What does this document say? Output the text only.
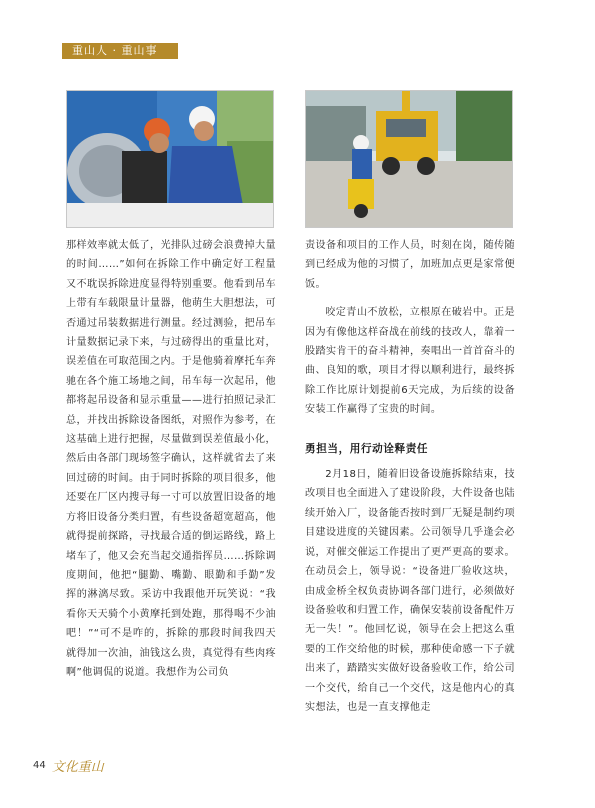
重山人 · 重山事

那样效率就太低了，光排队过磅会浪费掉大量的时间……”如何在拆除工作中确定好工程量又不耽误拆除进度显得特别重要。他看到吊车上带有车载限量计量器，他萌生大胆想法，可否通过吊装数据进行测量。经过测验，把吊车计量数据记录下来，与过磅得出的重量比对，误差值在可取范围之内。于是他骑着摩托车奔驰在各个施工场地之间，吊车每一次起吊，他都将起吊设备和显示重量——进行拍照记录汇总，并找出拆除设备图纸，对照作为参考，在这基础上进行把握，尽量做到误差值最小化，然后由各部门现场签字确认，这样就省去了来回过磅的时间。由于同时拆除的项目很多，他还要在厂区内搜寻每一寸可以放置旧设备的地方将旧设备分类归置，有些设备超宽超高，他就得提前探路，寻找最合适的倒运路线，路上堵车了，他又会充当起交通指挥员……拆除调度期间，他把“腿勤、嘴勤、眼勤和手勤”发挥的淋漓尽致。采访中我跟他开玩笑说：“我看你天天骑个小黄摩托到处跑，那得喝不少油吧！”“可不是咋的，拆除的那段时间我四天就得加一次油，油钱这么贵，真觉得有些肉疼啊”他调侃的说道。我想作为公司负

责设备和项目的工作人员，时刻在岗，随传随到已经成为他的习惯了，加班加点更是家常便饭。

咬定青山不放松，立根原在破岩中。正是因为有像他这样奋战在前线的技改人，靠着一股踏实肯干的奋斗精神，奏唱出一首首奋斗的曲、良知的歌，项目才得以顺利进行，最终拆除工作比原计划提前6天完成，为后续的设备安装工作赢得了宝贵的时间。

勇担当，用行动诠释责任

2月18日，随着旧设备设施拆除结束，技改项目也全面进入了建设阶段，大件设备也陆续开始入厂，设备能否按时到厂无疑是制约项目建设进度的关键因素。公司领导几乎逢会必说，对催交催运工作提出了更严更高的要求。在动员会上，领导说：“设备进厂验收这块，由成金桥全权负责协调各部门进行，必须做好设备验收和归置工作，确保安装前设备配件万无一失！”。他回忆说，领导在会上把这么重要的工作交给他的时候，那种使命感一下子就出来了，踏踏实实做好设备验收工作，给公司一个交代，给自己一个交代，这是他内心的真实想法，也是一直支撑他走

44 文化重山
